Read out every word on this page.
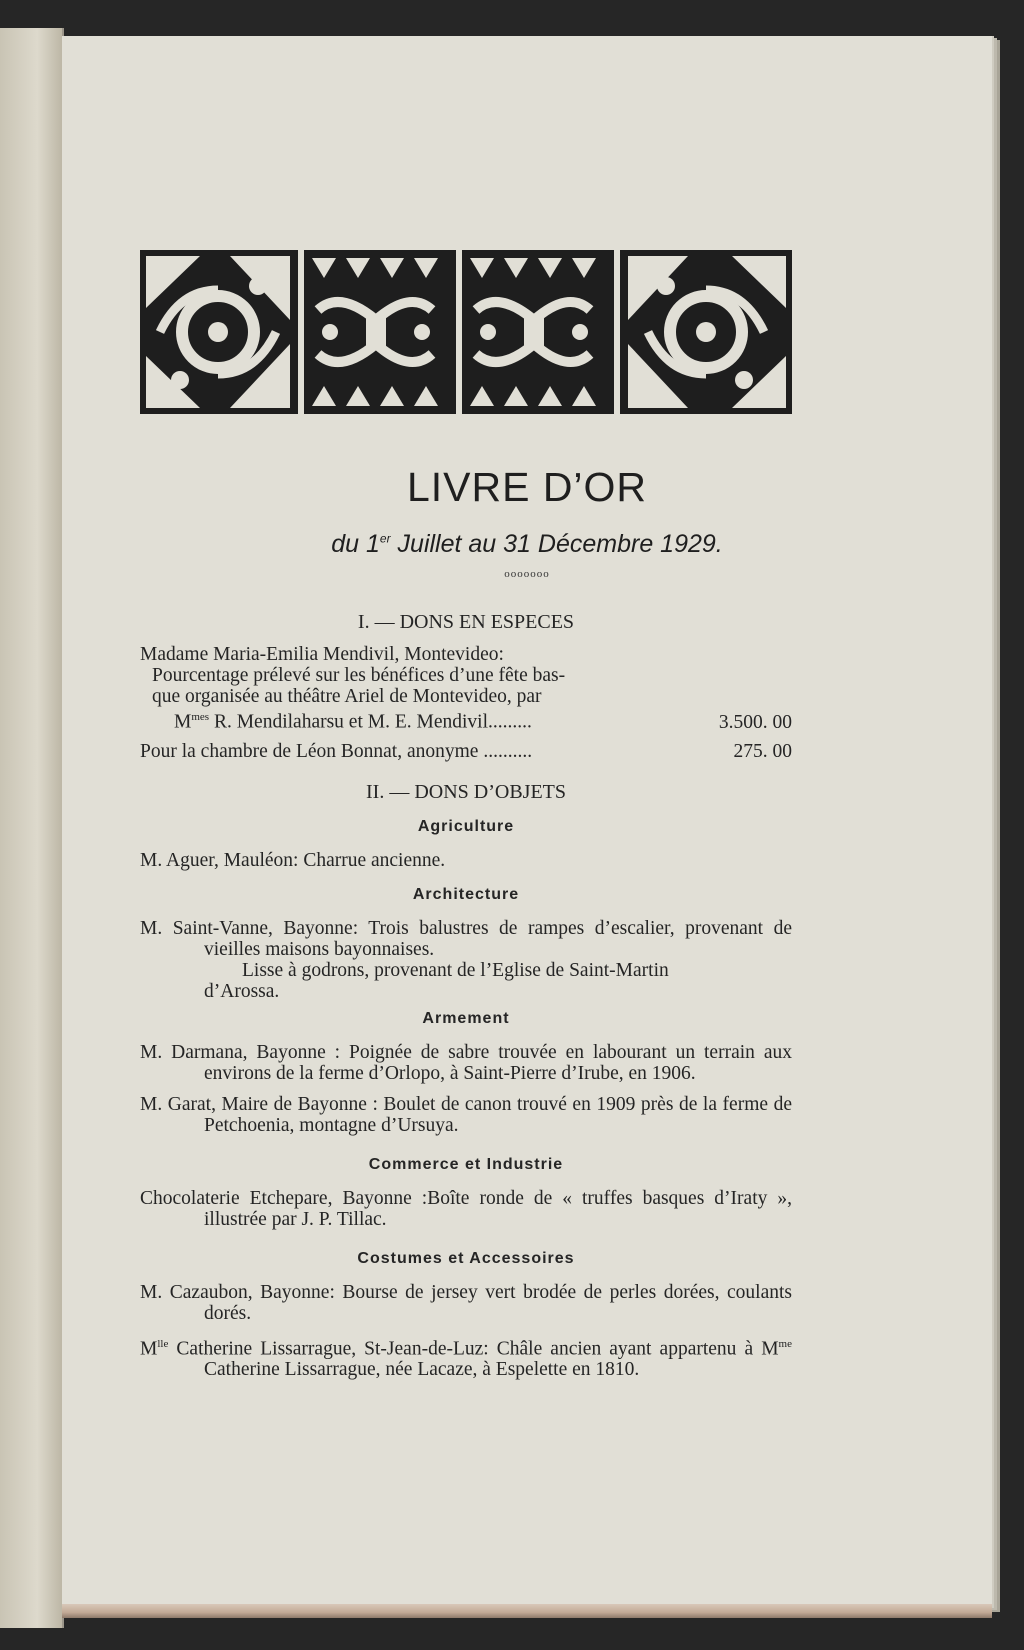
LIVRE D’OR
du 1er Juillet au 31 Décembre 1929.
ooooooo
I. — DONS EN ESPECES
Madame Maria-Emilia Mendivil, Montevideo:
Pourcentage prélevé sur les bénéfices d’une fête bas-
que organisée au théâtre Ariel de Montevideo, par
$M^{mes}$ R. Mendilaharsu et M. E. Mendivil.........	3.500. 00
Pour la chambre de Léon Bonnat, anonyme ..........	275. 00
II. — DONS D’OBJETS
Agriculture
M. Aguer, Mauléon: Charrue ancienne.
Architecture
M. Saint-Vanne, Bayonne: Trois balustres de rampes d’escalier, provenant de vieilles maisons bayonnaises.
Lisse à godrons, provenant de l’Eglise de Saint-Martin
d’Arossa.
Armement
M. Darmana, Bayonne : Poignée de sabre trouvée en labourant un terrain aux environs de la ferme d’Orlopo, à Saint-Pierre d’Irube, en 1906.
M. Garat, Maire de Bayonne : Boulet de canon trouvé en 1909 près de la ferme de Petchoenia, montagne d’Ursuya.
Commerce et Industrie
Chocolaterie Etchepare, Bayonne :Boîte ronde de « truffes basques d’Iraty », illustrée par J. P. Tillac.
Costumes et Accessoires
M. Cazaubon, Bayonne: Bourse de jersey vert brodée de perles dorées, coulants dorés.
$M^{lle}$ Catherine Lissarrague, St-Jean-de-Luz: Châle ancien ayant appartenu à $M^{me}$ Catherine Lissarrague, née Lacaze, à Espelette en 1810.
